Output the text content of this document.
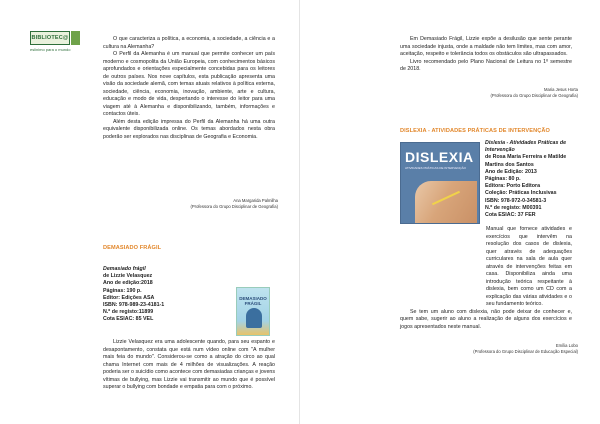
BIBLIOTEC@
eslinimo para o mundo

O que caracteriza a política, a economia, a sociedade, a ciência e a cultura na Alemanha?

O Perfil da Alemanha é um manual que permite conhecer um país moderno e cosmopolita da União Europeia, com conhecimentos básicos aprofundados e orientações especialmente concebidas para os leitores de outros países. Nos nove capítulos, esta publicação apresenta uma visão da sociedade alemã, com temas atuais relativos à política externa, sociedade, ciência, economia, inovação, ambiente, arte e cultura, educação e modo de vida, despertando o interesse do leitor para uma viagem até à Alemanha e disponibilizando, também, informações e contactos úteis.

Além desta edição impressa do Perfil da Alemanha há uma outra equivalente disponibilizada online. Os temas abordados nesta obra poderão ser explorados nas disciplinas de Geografia e Economia.

Ana Margarida Palmilha
(Professora do Grupo Disciplinar de Geografia)
DEMASIADO FRÁGIL
Demasiado frágil
de Lizzie Velasquez
Ano de edição:2018
Páginas: 190 p.
Editor: Edições ASA
ISBN: 978-989-23-4181-1
N.º de registo:11899
Cota ESIAC: 85 VEL
DEMASIADO FRÁGIL

Lizzie Velasquez era uma adolescente quando, para seu espanto e desapontamento, constata que está num vídeo online com "A mulher mais feia do mundo". Considerou-se como a atração do circo ao qual chama Internet com mais de 4 milhões de visualizações. A reação poderia ser o suicídio como acontece com demasiadas crianças e jovens vítimas de bullying, mas Lizzie vai transmitir ao mundo que é possível superar o bullying com bondade e empatia para com o próximo.

Em Demasiado Frágil, Lizzie expõe a desilusão que sente perante uma sociedade injusta, onde a maldade não tem limites, mas com amor, aceitação, respeito e tolerância todos os obstáculos são ultrapassados.

Livro recomendado pelo Plano Nacional de Leitura no 1º semestre de 2018.

Maria Jesus Horta
(Professora do Grupo Disciplinar de Geografia)
DISLEXIA - ATIVIDADES PRÁTICAS DE INTERVENÇÃO
Dislexia - Atividades Práticas de Intervenção
de Rosa Maria Ferreira e Matilde Martins dos Santos
Ano de Edição: 2013
Páginas: 80 p.
Editora: Porto Editora
Coleção: Práticas Inclusivas
ISBN: 978-972-0-34581-3
N.º de registo: M00391
Cota ESIAC: 37 FER

Manual que fornece atividades e exercícios que intervêm na resolução dos casos de dislexia, quer através de adequações curriculares na sala de aula quer através de intervenções feitas em casa. Disponibiliza ainda uma introdução teórica respeitante à dislexia, bem como um CD com a explicação das várias atividades e o seu fundamento teórico.

Se tem um aluno com dislexia, não pode deixar de conhecer e, quem sabe, sugerir ao aluno a realização de alguns dos exercícios e jogos apresentados neste manual.

Emília Lobo
(Professora do Grupo Disciplinar de Educação Especial)
DISLEXIA
ATIVIDADES PRÁTICAS DE INTERVENÇÃO
